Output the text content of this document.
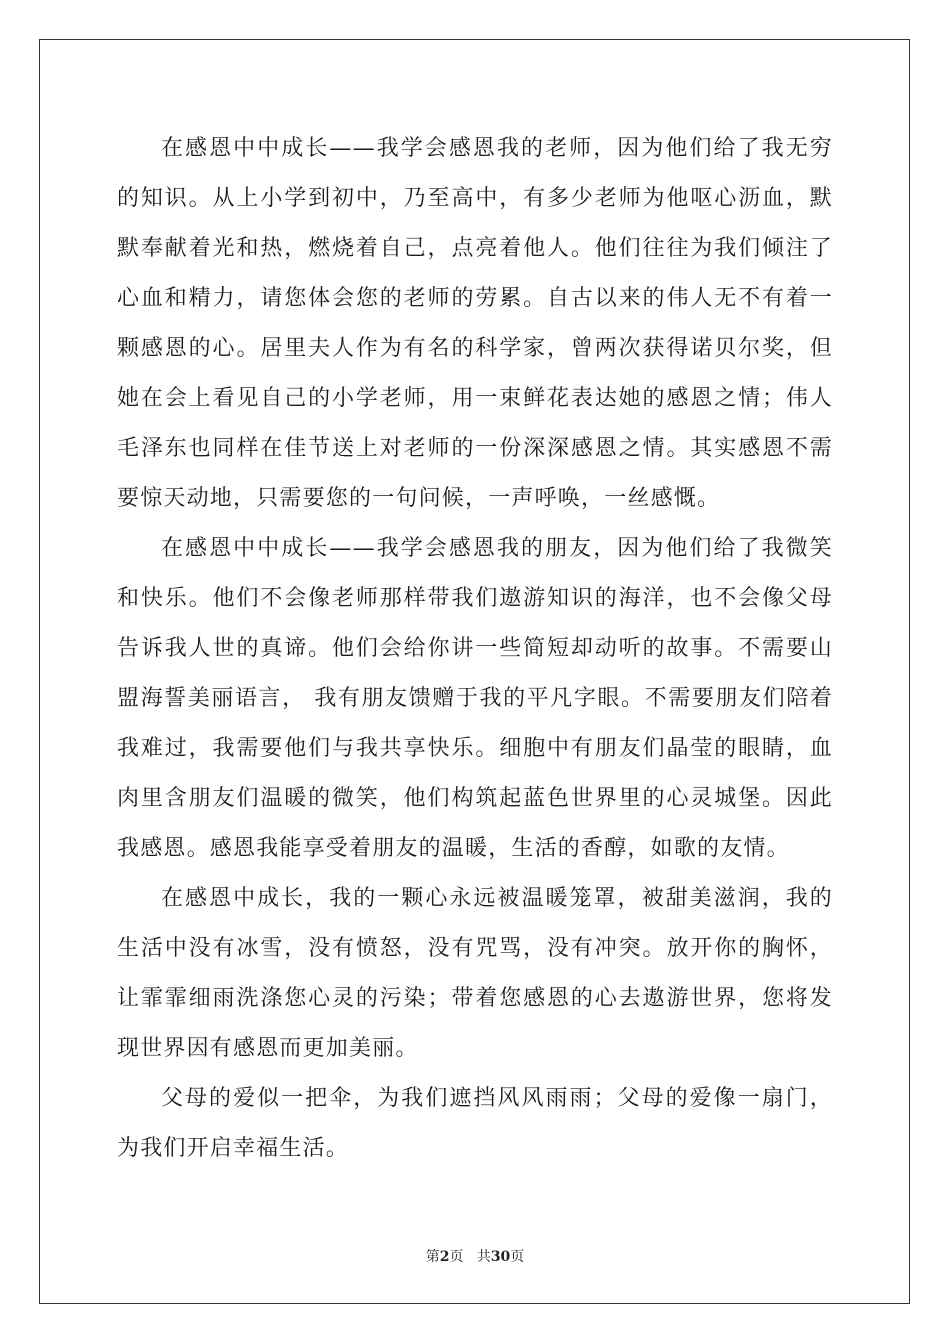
在感恩中中成长——我学会感恩我的老师，因为他们给了我无穷的知识。从上小学到初中，乃至高中，有多少老师为他呕心沥血，默默奉献着光和热，燃烧着自己，点亮着他人。他们往往为我们倾注了心血和精力，请您体会您的老师的劳累。自古以来的伟人无不有着一颗感恩的心。居里夫人作为有名的科学家，曾两次获得诺贝尔奖，但她在会上看见自己的小学老师，用一束鲜花表达她的感恩之情；伟人毛泽东也同样在佳节送上对老师的一份深深感恩之情。其实感恩不需要惊天动地，只需要您的一句问候，一声呼唤，一丝感慨。

在感恩中中成长——我学会感恩我的朋友，因为他们给了我微笑和快乐。他们不会像老师那样带我们遨游知识的海洋，也不会像父母告诉我人世的真谛。他们会给你讲一些简短却动听的故事。不需要山盟海誓美丽语言， 我有朋友馈赠于我的平凡字眼。不需要朋友们陪着我难过，我需要他们与我共享快乐。细胞中有朋友们晶莹的眼睛，血肉里含朋友们温暖的微笑，他们构筑起蓝色世界里的心灵城堡。因此我感恩。感恩我能享受着朋友的温暖，生活的香醇，如歌的友情。

在感恩中成长，我的一颗心永远被温暖笼罩，被甜美滋润，我的生活中没有冰雪，没有愤怒，没有咒骂，没有冲突。放开你的胸怀，让霏霏细雨洗涤您心灵的污染；带着您感恩的心去遨游世界，您将发现世界因有感恩而更加美丽。

父母的爱似一把伞，为我们遮挡风风雨雨；父母的爱像一扇门，为我们开启幸福生活。

第2页 共30页
